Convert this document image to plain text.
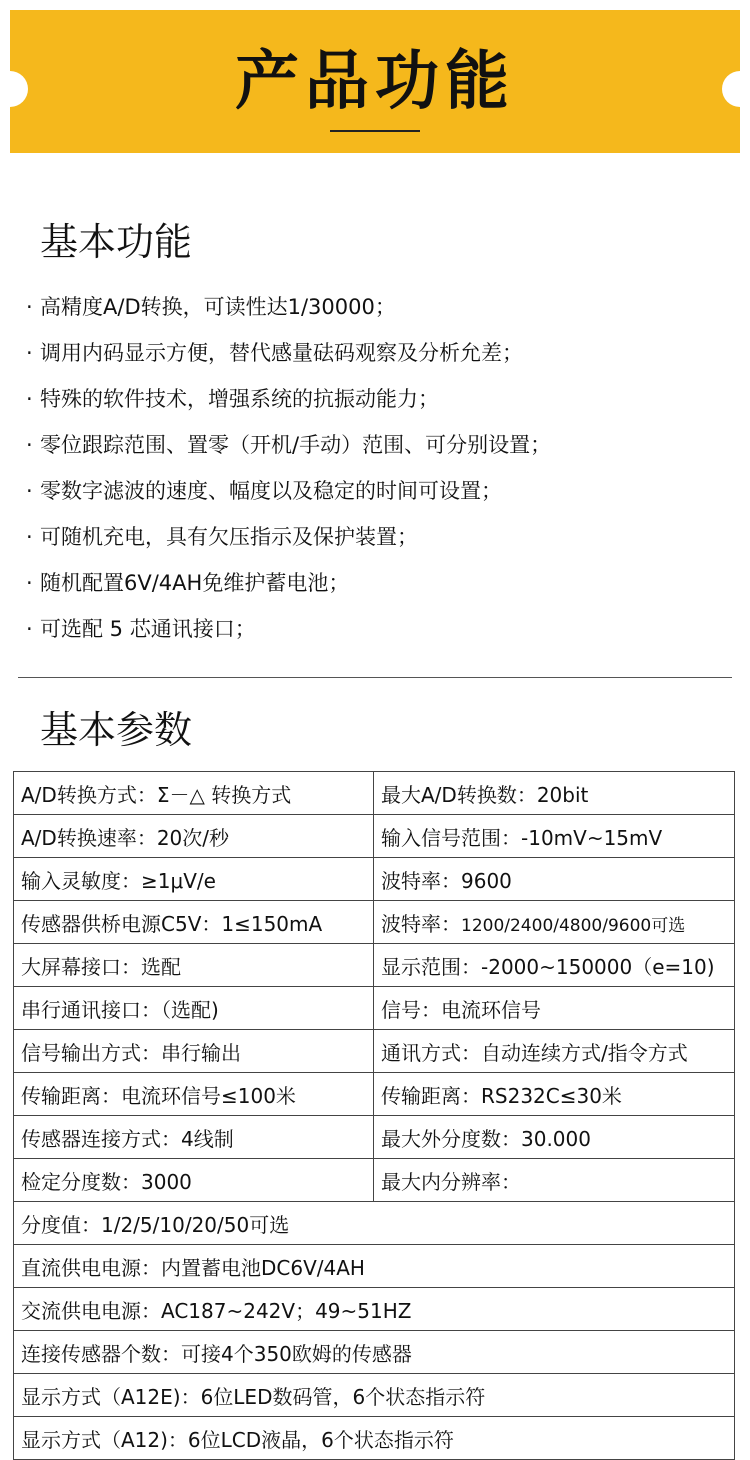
产品功能
基本功能
· 高精度A/D转换，可读性达1/30000；
· 调用内码显示方便，替代感量砝码观察及分析允差；
· 特殊的软件技术，增强系统的抗振动能力；
· 零位跟踪范围、置零（开机/手动）范围、可分别设置；
· 零数字滤波的速度、幅度以及稳定的时间可设置；
· 可随机充电，具有欠压指示及保护装置；
· 随机配置6V/4AH免维护蓄电池；
· 可选配 5 芯通讯接口；
基本参数
A/D转换方式：Σ－△ 转换方式	最大A/D转换数：20bit
A/D转换速率：20次/秒	输入信号范围：-10mV~15mV
输入灵敏度：≥1μV/e	波特率：9600
传感器供桥电源C5V：1≤150mA	波特率：1200/2400/4800/9600可选
大屏幕接口：选配	显示范围：-2000~150000（e=10)
串行通讯接口：（选配)	信号：电流环信号
信号输出方式：串行输出	通讯方式：自动连续方式/指令方式
传输距离：电流环信号≤100米	传输距离：RS232C≤30米
传感器连接方式：4线制	最大外分度数：30.000
检定分度数：3000	最大内分辨率：
分度值：1/2/5/10/20/50可选	
直流供电电源：内置蓄电池DC6V/4AH	
交流供电电源：AC187~242V；49~51HZ	
连接传感器个数：可接4个350欧姆的传感器	
显示方式（A12E)：6位LED数码管，6个状态指示符	
显示方式（A12)：6位LCD液晶，6个状态指示符	
